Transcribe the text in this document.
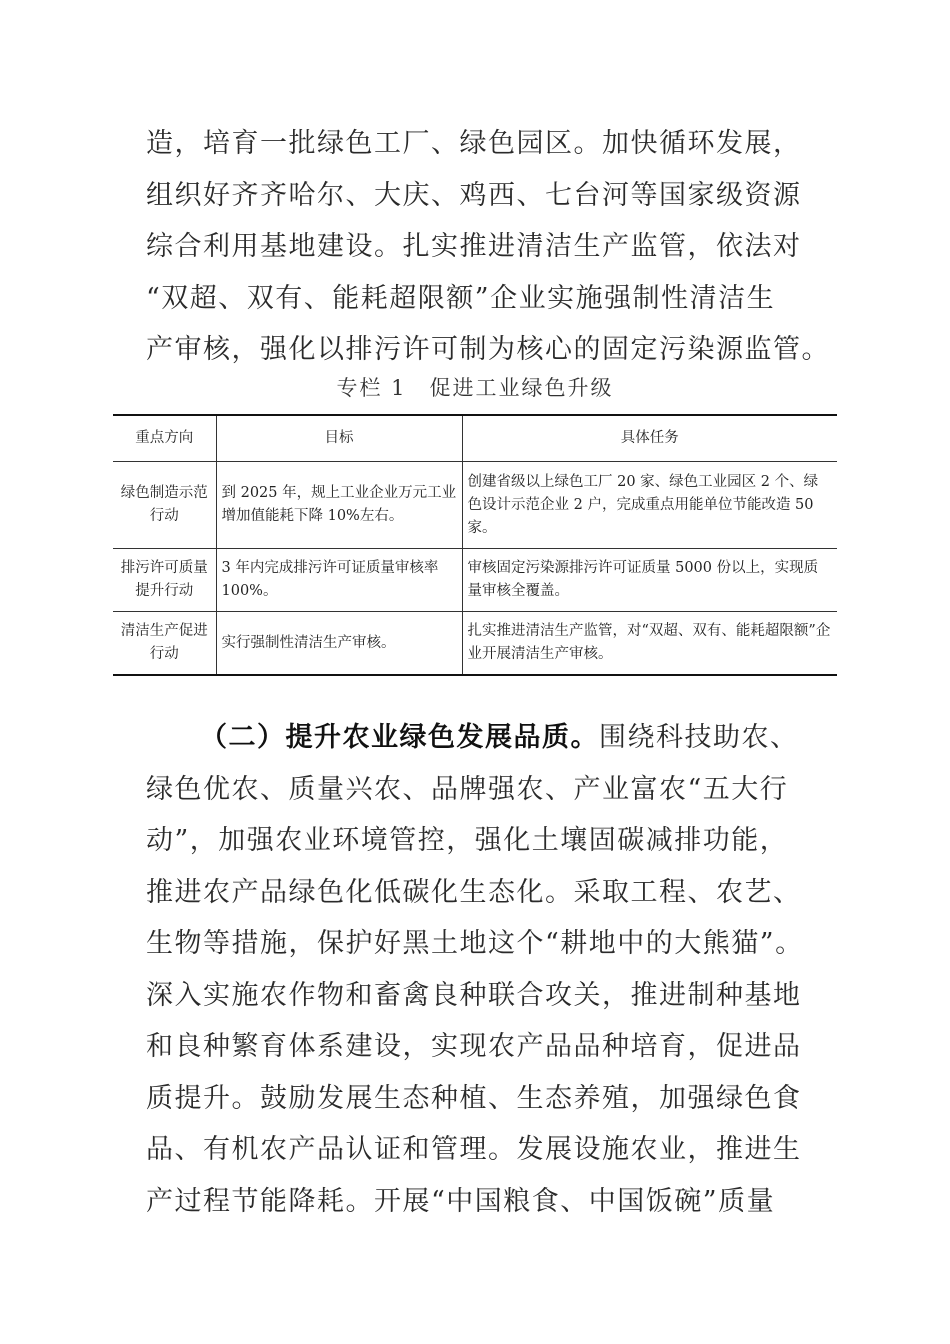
造，培育一批绿色工厂、绿色园区。加快循环发展，
组织好齐齐哈尔、大庆、鸡西、七台河等国家级资源
综合利用基地建设。扎实推进清洁生产监管，依法对
“双超、双有、能耗超限额”企业实施强制性清洁生
产审核，强化以排污许可制为核心的固定污染源监管。
专栏 1　促进工业绿色升级
重点方向	目标	具体任务
绿色制造示范行动	到 2025 年，规上工业企业万元工业增加值能耗下降 10%左右。	创建省级以上绿色工厂 20 家、绿色工业园区 2 个、绿色设计示范企业 2 户，完成重点用能单位节能改造 50 家。
排污许可质量提升行动	3 年内完成排污许可证质量审核率 100%。	审核固定污染源排污许可证质量 5000 份以上，实现质量审核全覆盖。
清洁生产促进行动	实行强制性清洁生产审核。	扎实推进清洁生产监管，对“双超、双有、能耗超限额”企业开展清洁生产审核。
（二）提升农业绿色发展品质。围绕科技助农、
绿色优农、质量兴农、品牌强农、产业富农“五大行
动”，加强农业环境管控，强化土壤固碳减排功能，
推进农产品绿色化低碳化生态化。采取工程、农艺、
生物等措施，保护好黑土地这个“耕地中的大熊猫”。
深入实施农作物和畜禽良种联合攻关，推进制种基地
和良种繁育体系建设，实现农产品品种培育，促进品
质提升。鼓励发展生态种植、生态养殖，加强绿色食
品、有机农产品认证和管理。发展设施农业，推进生
产过程节能降耗。开展“中国粮食、中国饭碗”质量
